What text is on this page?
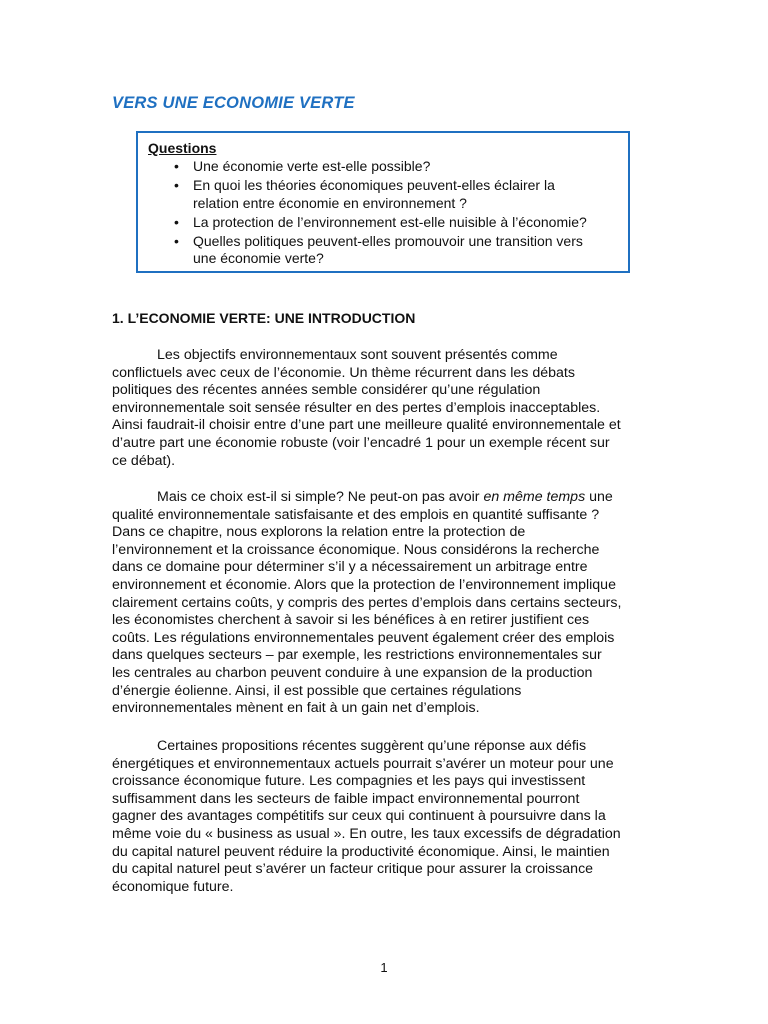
VERS UNE ECONOMIE VERTE
Questions
• Une économie verte est-elle possible?
• En quoi les théories économiques peuvent-elles éclairer la
relation entre économie en environnement ?
• La protection de l’environnement est-elle nuisible à l’économie?
• Quelles politiques peuvent-elles promouvoir une transition vers
une économie verte?
1. L’ECONOMIE VERTE: UNE INTRODUCTION
Les objectifs environnementaux sont souvent présentés comme
conflictuels avec ceux de l’économie. Un thème récurrent dans les débats
politiques des récentes années semble considérer qu’une régulation
environnementale soit sensée résulter en des pertes d’emplois inacceptables.
Ainsi faudrait-il choisir entre d’une part une meilleure qualité environnementale et
d’autre part une économie robuste (voir l’encadré 1 pour un exemple récent sur
ce débat).
Mais ce choix est-il si simple? Ne peut-on pas avoir en même temps une
qualité environnementale satisfaisante et des emplois en quantité suffisante ?
Dans ce chapitre, nous explorons la relation entre la protection de
l’environnement et la croissance économique. Nous considérons la recherche
dans ce domaine pour déterminer s’il y a nécessairement un arbitrage entre
environnement et économie. Alors que la protection de l’environnement implique
clairement certains coûts, y compris des pertes d’emplois dans certains secteurs,
les économistes cherchent à savoir si les bénéfices à en retirer justifient ces
coûts. Les régulations environnementales peuvent également créer des emplois
dans quelques secteurs – par exemple, les restrictions environnementales sur
les centrales au charbon peuvent conduire à une expansion de la production
d’énergie éolienne. Ainsi, il est possible que certaines régulations
environnementales mènent en fait à un gain net d’emplois.
Certaines propositions récentes suggèrent qu’une réponse aux défis
énergétiques et environnementaux actuels pourrait s’avérer un moteur pour une
croissance économique future. Les compagnies et les pays qui investissent
suffisamment dans les secteurs de faible impact environnemental pourront
gagner des avantages compétitifs sur ceux qui continuent à poursuivre dans la
même voie du « business as usual ». En outre, les taux excessifs de dégradation
du capital naturel peuvent réduire la productivité économique. Ainsi, le maintien
du capital naturel peut s’avérer un facteur critique pour assurer la croissance
économique future.
1
